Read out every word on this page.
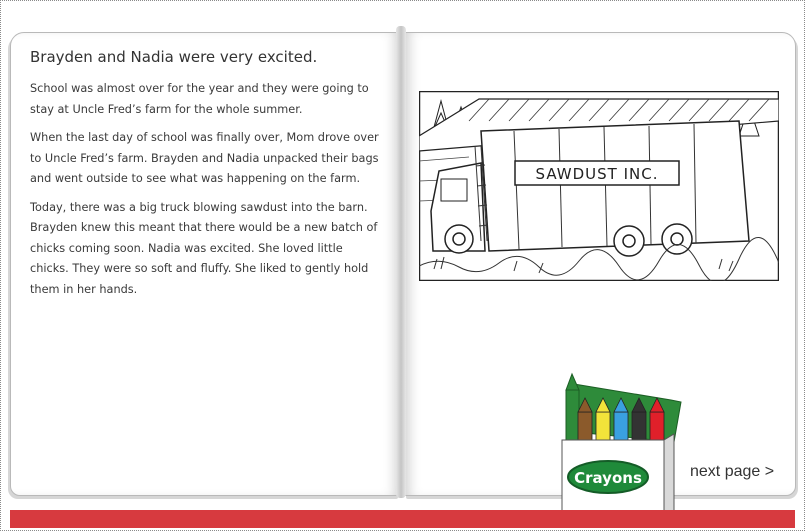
Brayden and Nadia were very excited.

School was almost over for the year and they were going to stay at Uncle Fred’s farm for the whole summer.

When the last day of school was finally over, Mom drove over to Uncle Fred’s farm. Brayden and Nadia unpacked their bags and went outside to see what was happening on the farm.

Today, there was a big truck blowing sawdust into the barn. Brayden knew this meant that there would be a new batch of chicks coming soon. Nadia was excited. She loved little chicks. They were so soft and fluffy. She liked to gently hold them in her hands.

SAWDUST INC.
Crayons	next page >
